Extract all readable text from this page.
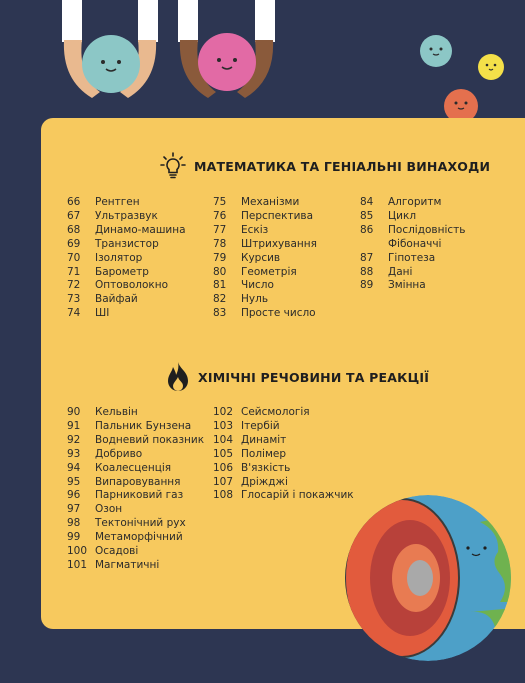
МАТЕМАТИКА ТА ГЕНІАЛЬНІ ВИНАХОДИ
66	Рентген
67	Ультразвук
68	Динамо-машина
69	Транзистор
70	Ізолятор
71	Барометр
72	Оптоволокно
73	Вайфай
74	ШІ
75	Механізми
76	Перспектива
77	Ескіз
78	Штрихування
79	Курсив
80	Геометрія
81	Число
82	Нуль
83	Просте число
84	Алгоритм
85	Цикл
86	Послідовність
Фібоначчі
87	Гіпотеза
88	Дані
89	Змінна
ХІМІЧНІ РЕЧОВИНИ ТА РЕАКЦІЇ
90	Кельвін
91	Пальник Бунзена
92	Водневий показник
93	Добриво
94	Коалесценція
95	Випаровування
96	Парниковий газ
97	Озон
98	Тектонічний рух
99	Метаморфічний
100 Осадові
101 Магматичні
102 Сейсмологія
103 Ітербій
104 Динаміт
105 Полімер
106 В'язкість
107 Дріжджі
108 Глосарій і покажчик
